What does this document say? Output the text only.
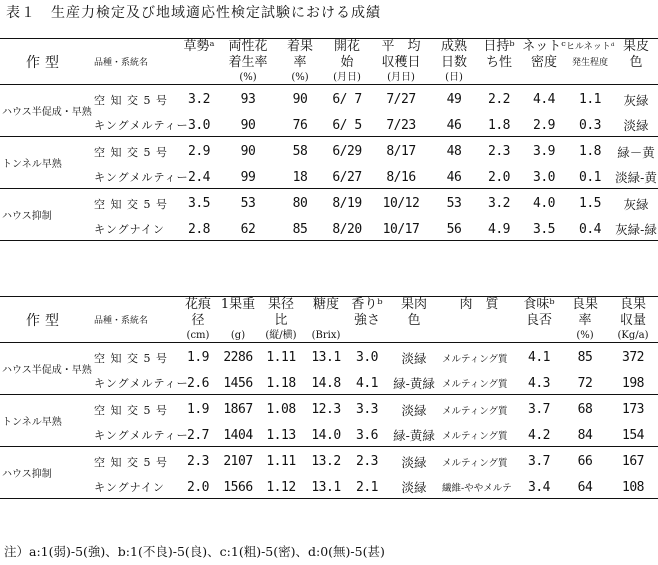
表１　生産力検定及び地域適応性検定試験における成績
作型	品種・系統名	草勢ᵃ	両性花	着果	開花	平　均	成熟	日持ᵇ	ネットᶜ	ヒルネットᵈ	果皮
			着生率	率	始	収穫日	日数	ち性	密度	発生程度	色
			(%)	(%)	(月日)	(月日)	(日)				
ハウス半促成・早熟	空 知 交 5 号	3.2	93	90	6/ 7	7/27	49	2.2	4.4	1.1	灰緑
	キングメルティー	3.0	90	76	6/ 5	7/23	46	1.8	2.9	0.3	淡緑
トンネル早熟	空 知 交 5 号	2.9	90	58	6/29	8/17	48	2.3	3.9	1.8	緑－黄
	キングメルティー	2.4	99	18	6/27	8/16	46	2.0	3.0	0.1	淡緑-黄
ハウス抑制	空 知 交 5 号	3.5	53	80	8/19	10/12	53	3.2	4.0	1.5	灰緑
	キングナイン	2.8	62	85	8/20	10/17	56	4.9	3.5	0.4	灰緑-緑
作型	品種・系統名	花痕	1果重	果径	糖度	香りᵇ	果肉	肉　質	食味ᵇ	良果	良果
		径		比		強さ	色		良否	率	収量
		(cm)	(g)	(縦/横)	(Brix)					(%)	(Kg/a)
ハウス半促成・早熟	空 知 交 5 号	1.9	2286	1.11	13.1	3.0	淡緑	メルティング質	4.1	85	372
	キングメルティー	2.6	1456	1.18	14.8	4.1	緑-黄緑	メルティング質	4.3	72	198
トンネル早熟	空 知 交 5 号	1.9	1867	1.08	12.3	3.3	淡緑	メルティング質	3.7	68	173
	キングメルティー	2.7	1404	1.13	14.0	3.6	緑-黄緑	メルティング質	4.2	84	154
ハウス抑制	空 知 交 5 号	2.3	2107	1.11	13.2	2.3	淡緑	メルティング質	3.7	66	167
	キングナイン	2.0	1566	1.12	13.1	2.1	淡緑	繊維-ややメルテ	3.4	64	108
注）a:1(弱)-5(強)、b:1(不良)-5(良)、c:1(粗)-5(密)、d:0(無)-5(甚)
